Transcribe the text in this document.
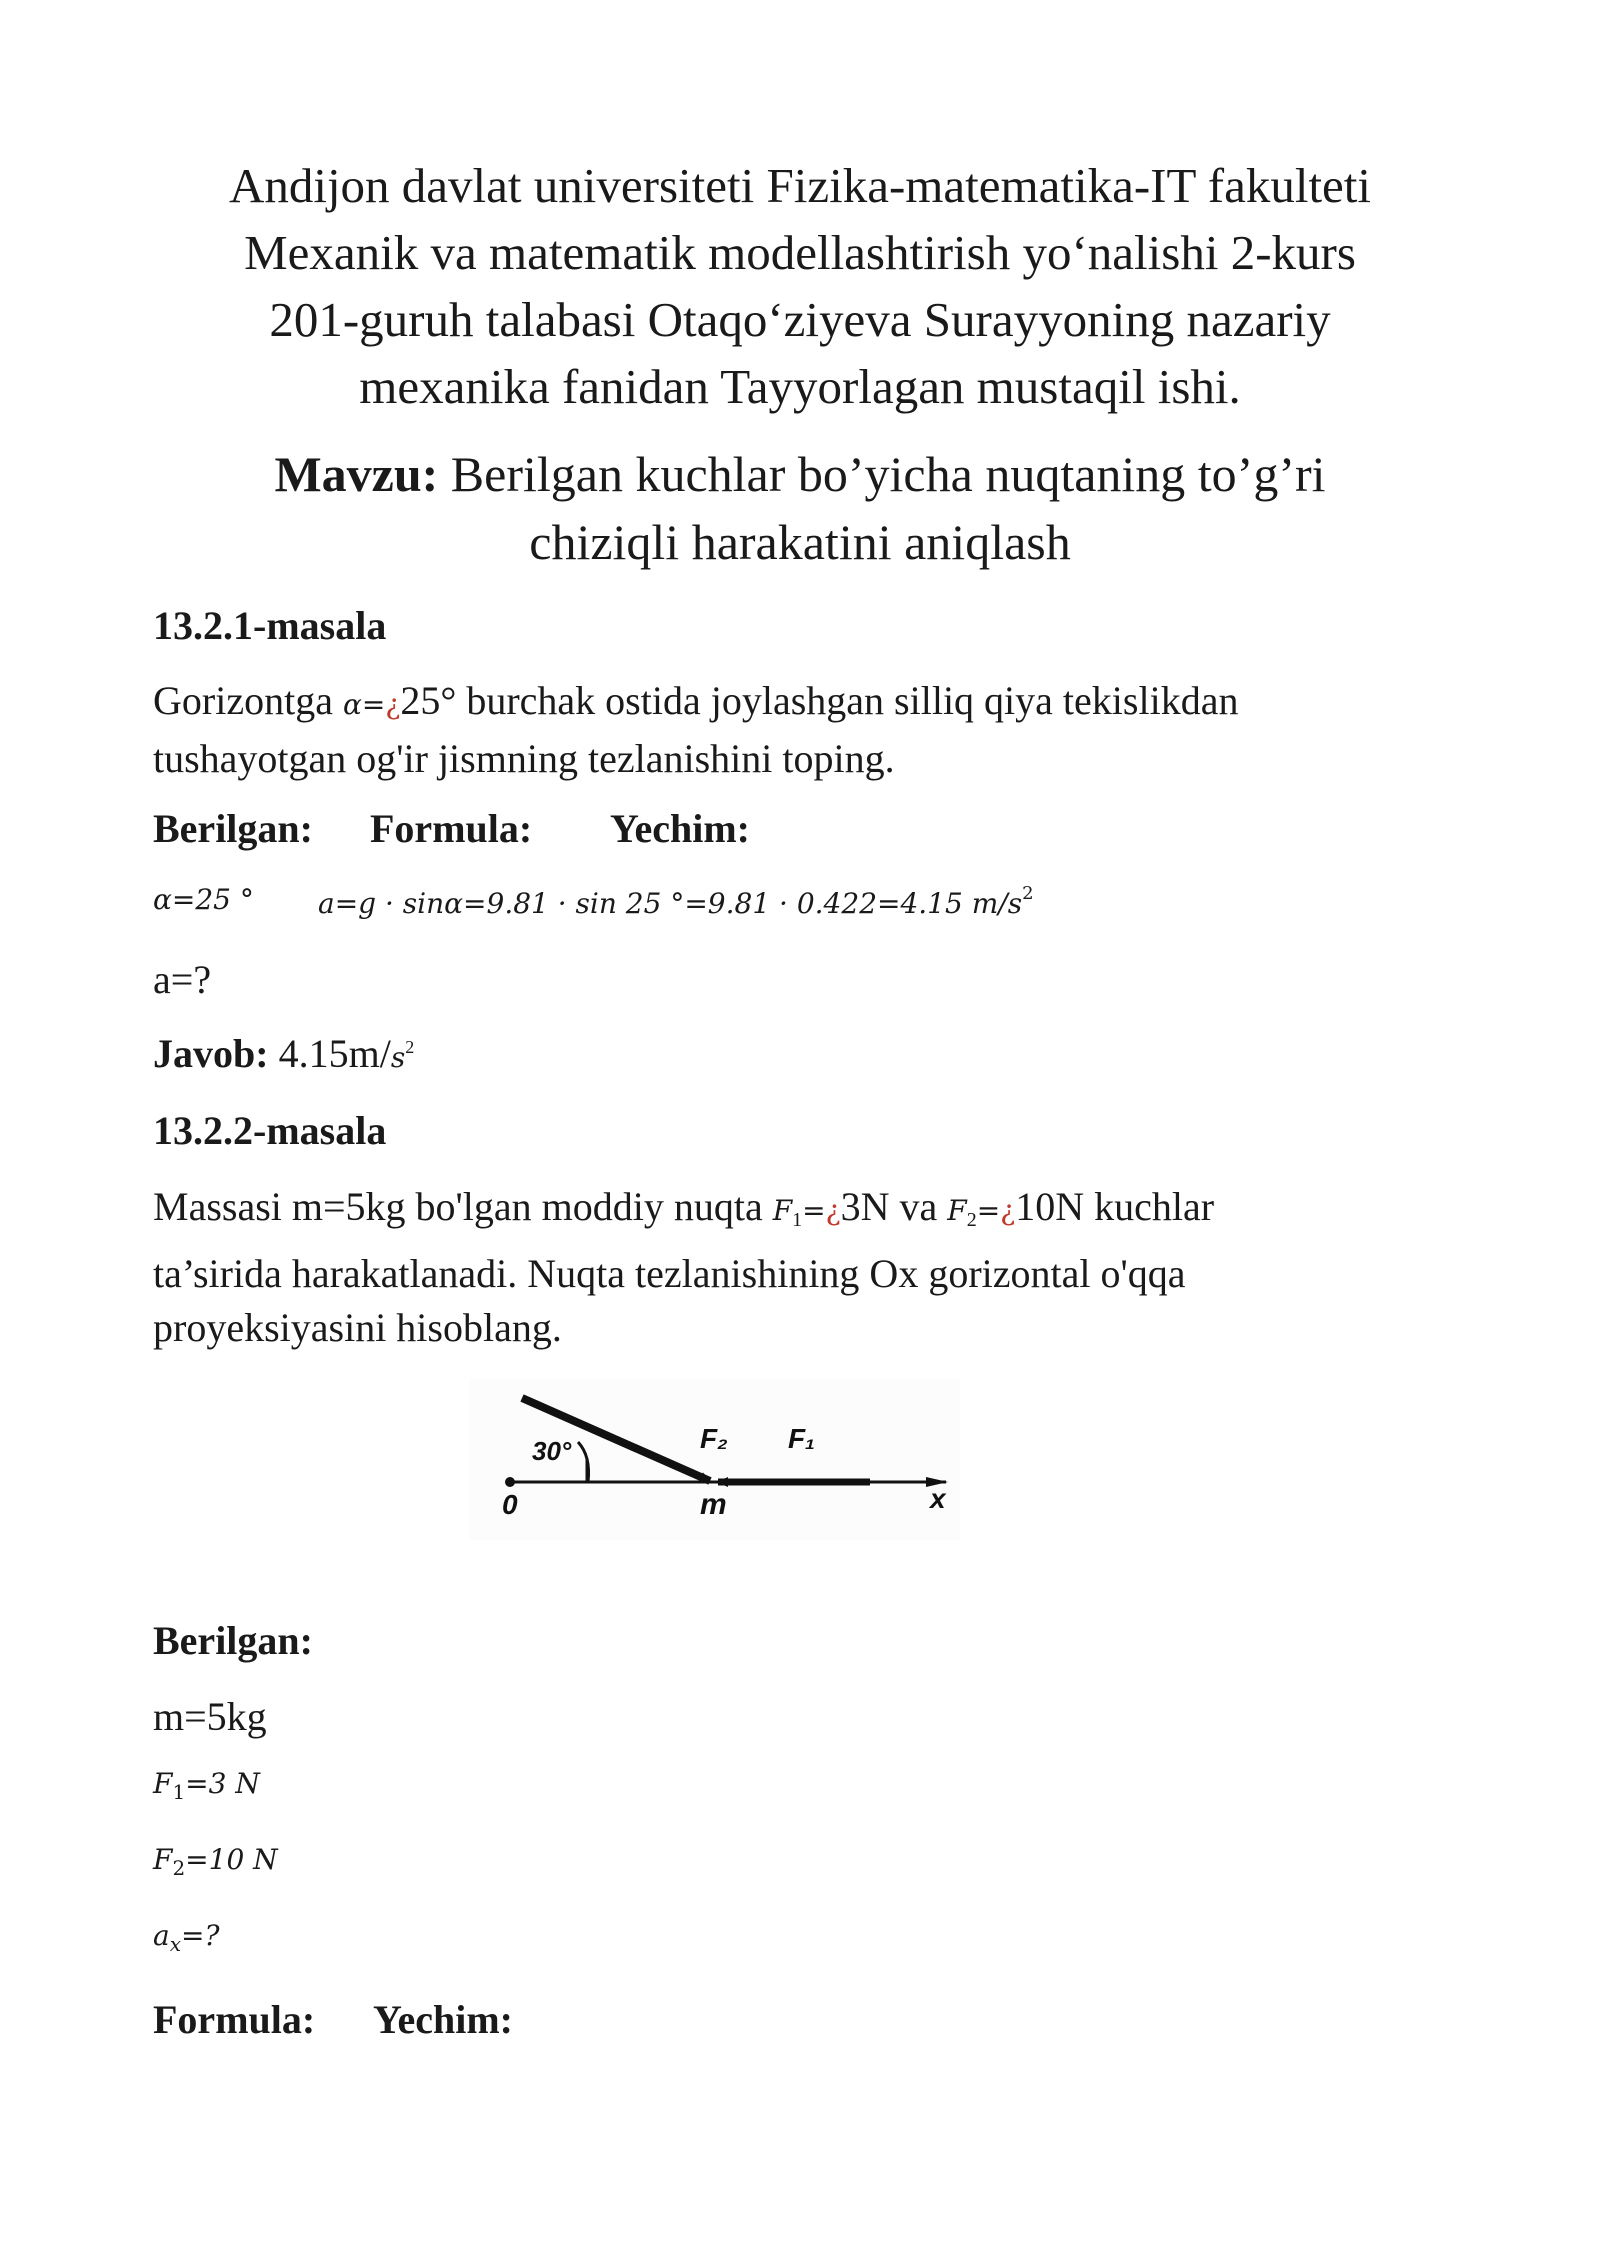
Andijon davlat universiteti Fizika-matematika-IT fakulteti
Mexanik va matematik modellashtirish yo‘nalishi 2-kurs
201-guruh talabasi Otaqo‘ziyeva Surayyoning nazariy
mexanika fanidan Tayyorlagan mustaqil ishi.
Mavzu: Berilgan kuchlar bo’yicha nuqtaning to’g’ri
chiziqli harakatini aniqlash
13.2.1-masala
Gorizontga α=¿25° burchak ostida joylashgan silliq qiya tekislikdan
tushayotgan og'ir jismning tezlanishini toping.
Berilgan: Formula: Yechim:
α=25 ° a=g · sinα=9.81 · sin 25 °=9.81 · 0.422=4.15 $m/s^2$
a=?
Javob: $4.15m/s^2$
13.2.2-masala
Massasi m=5kg bo'lgan moddiy nuqta $F_1=¿3N$ va $F_2=¿10N$ kuchlar
ta’sirida harakatlanadi. Nuqta tezlanishining Ox gorizontal o'qqa
proyeksiyasini hisoblang.
30°	F₂ F₁
0	m	x
Berilgan:
m=5kg
$F_1=3$ N
$F_2=10$ N
$a_x=$?
Formula: Yechim:
